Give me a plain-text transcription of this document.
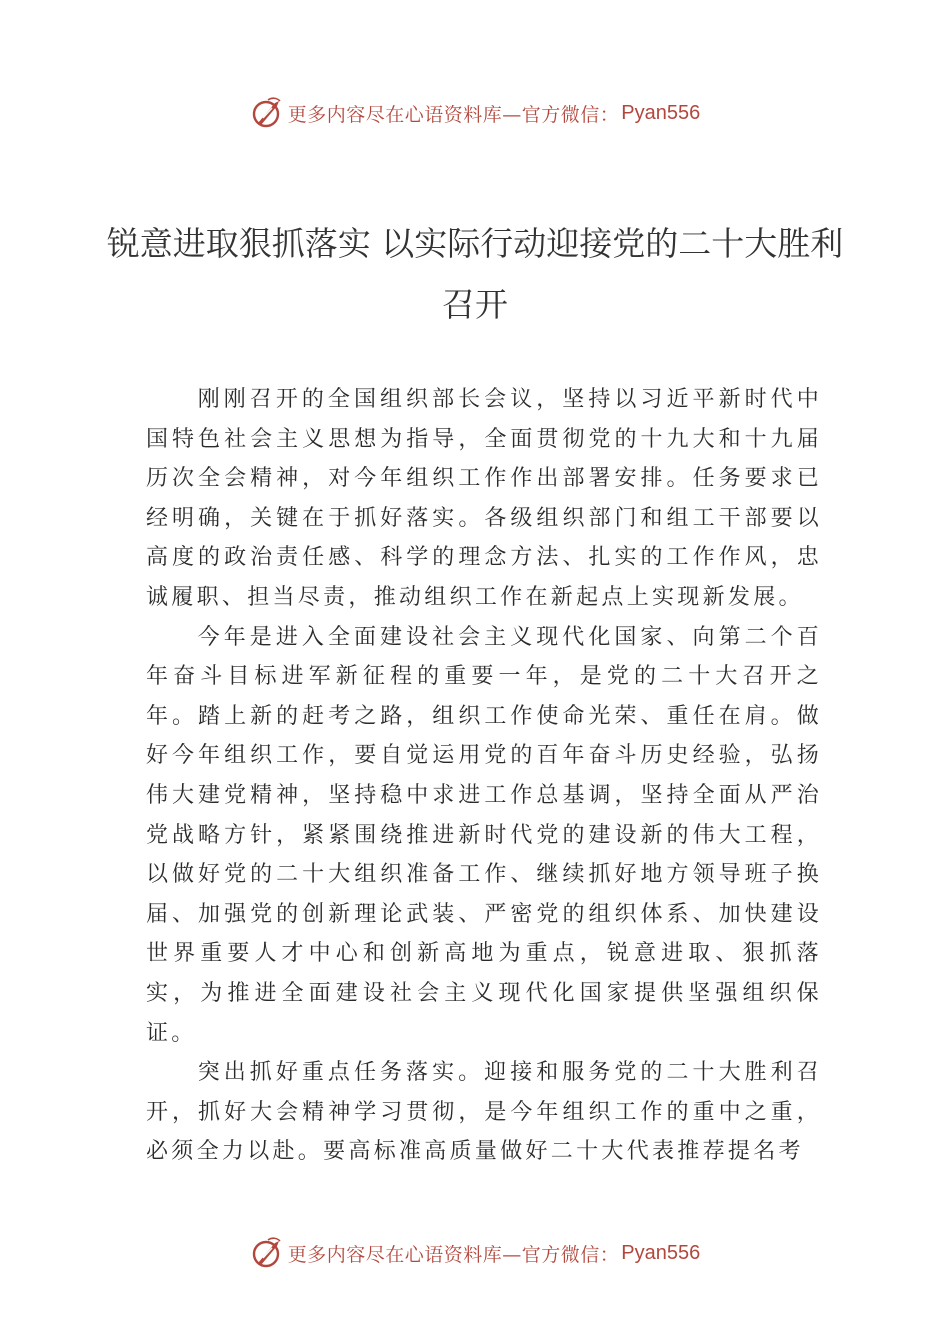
更多内容尽在心语资料库—官方微信： Pyan556
锐意进取狠抓落实 以实际行动迎接党的二十大胜利召开

刚刚召开的全国组织部长会议，坚持以习近平新时代中国特色社会主义思想为指导，全面贯彻党的十九大和十九届历次全会精神，对今年组织工作作出部署安排。任务要求已经明确，关键在于抓好落实。各级组织部门和组工干部要以高度的政治责任感、科学的理念方法、扎实的工作作风，忠诚履职、担当尽责，推动组织工作在新起点上实现新发展。

今年是进入全面建设社会主义现代化国家、向第二个百年奋斗目标进军新征程的重要一年，是党的二十大召开之年。踏上新的赶考之路，组织工作使命光荣、重任在肩。做好今年组织工作，要自觉运用党的百年奋斗历史经验，弘扬伟大建党精神，坚持稳中求进工作总基调，坚持全面从严治党战略方针，紧紧围绕推进新时代党的建设新的伟大工程，以做好党的二十大组织准备工作、继续抓好地方领导班子换届、加强党的创新理论武装、严密党的组织体系、加快建设世界重要人才中心和创新高地为重点，锐意进取、狠抓落实，为推进全面建设社会主义现代化国家提供坚强组织保证。

突出抓好重点任务落实。迎接和服务党的二十大胜利召开，抓好大会精神学习贯彻，是今年组织工作的重中之重，必须全力以赴。要高标准高质量做好二十大代表推荐提名考

更多内容尽在心语资料库—官方微信： Pyan556
